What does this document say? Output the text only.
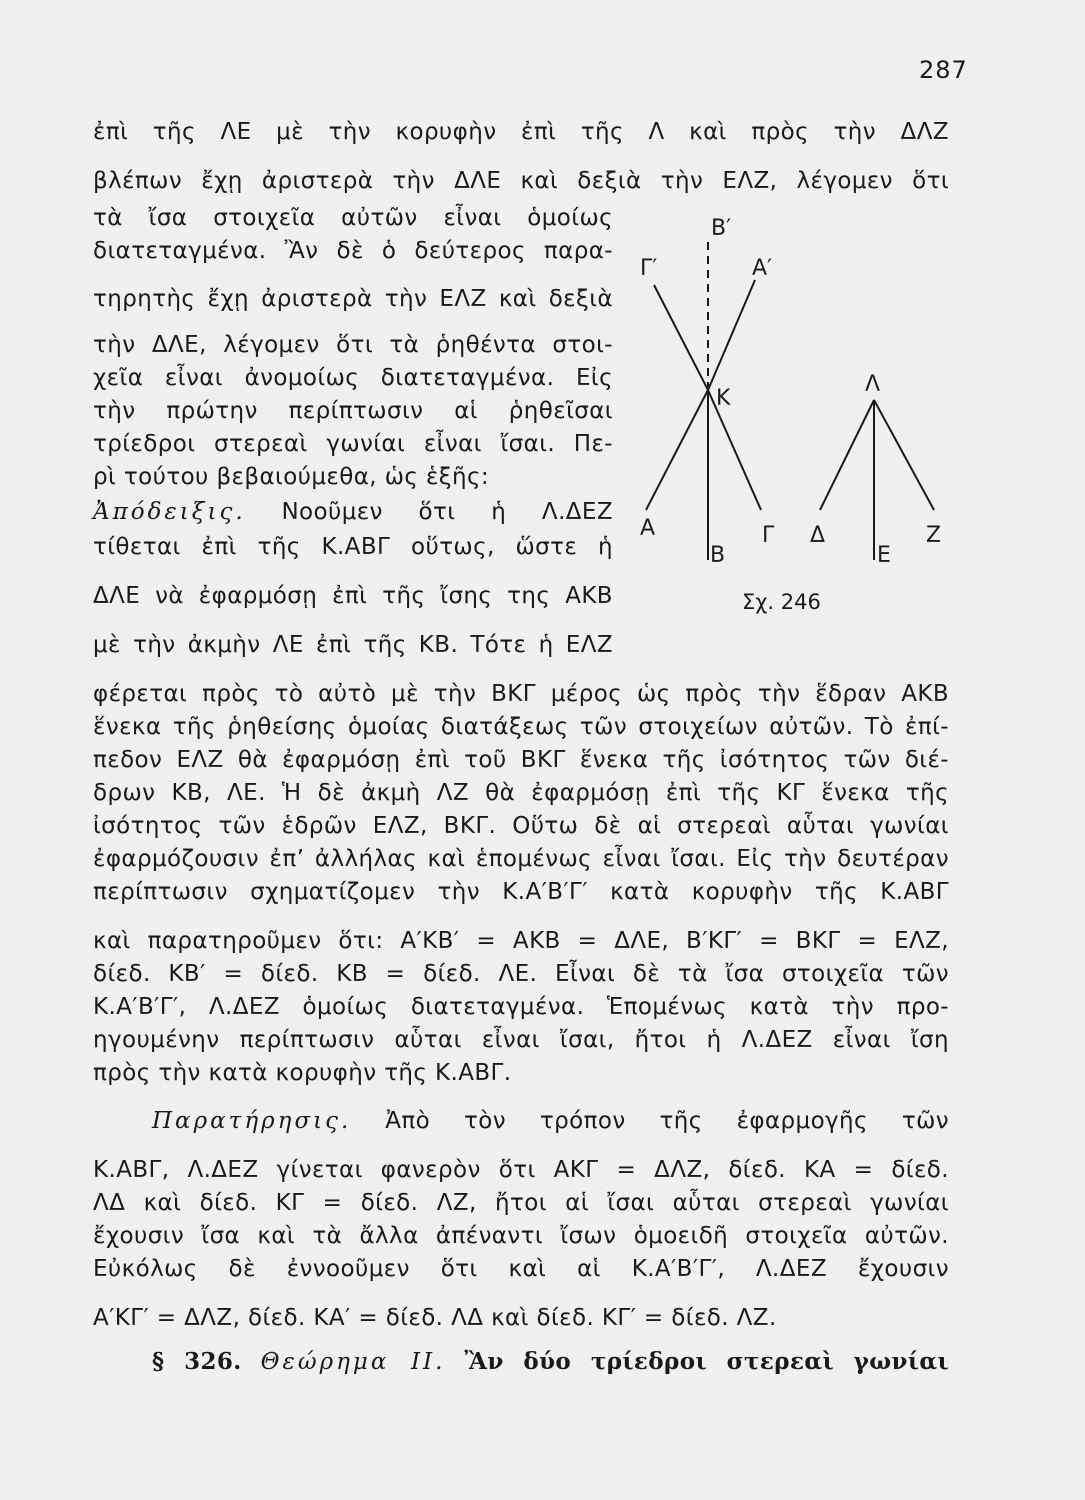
287
ἐπὶ τῆς ΛΕ μὲ τὴν κορυφὴν ἐπὶ τῆς Λ καὶ πρὸς τὴν ΔΛΖ
βλέπων ἔχῃ ἀριστερὰ τὴν ΔΛΕ καὶ δεξιὰ τὴν ΕΛΖ, λέγομεν ὅτι
τὰ ἴσα στοιχεῖα αὐτῶν εἶναι ὁμοίως
διατεταγμένα. Ἂν δὲ ὁ δεύτερος παρα-
τηρητὴς ἔχῃ ἀριστερὰ τὴν ΕΛΖ καὶ δεξιὰ
τὴν ΔΛΕ, λέγομεν ὅτι τὰ ῥηθέντα στοι-
χεῖα εἶναι ἀνομοίως διατεταγμένα. Εἰς
τὴν πρώτην περίπτωσιν αἱ ῥηθεῖσαι
τρίεδροι στερεαὶ γωνίαι εἶναι ἴσαι. Πε-
ρὶ τούτου βεβαιούμεθα, ὡς ἑξῆς:
Ἀπόδειξις. Νοοῦμεν ὅτι ἡ Λ.ΔΕΖ
τίθεται ἐπὶ τῆς Κ.ΑΒΓ οὕτως, ὥστε ἡ
ΔΛΕ νὰ ἐφαρμόσῃ ἐπὶ τῆς ἴσης της ΑΚΒ
μὲ τὴν ἀκμὴν ΛΕ ἐπὶ τῆς ΚΒ. Τότε ἡ ΕΛΖ
φέρεται πρὸς τὸ αὐτὸ μὲ τὴν ΒΚΓ μέρος ὡς πρὸς τὴν ἕδραν ΑΚΒ
ἕνεκα τῆς ῥηθείσης ὁμοίας διατάξεως τῶν στοιχείων αὐτῶν. Τὸ ἐπί-
πεδον ΕΛΖ θὰ ἐφαρμόσῃ ἐπὶ τοῦ ΒΚΓ ἕνεκα τῆς ἰσότητος τῶν διέ-
δρων ΚΒ, ΛΕ. Ἡ δὲ ἀκμὴ ΛΖ θὰ ἐφαρμόσῃ ἐπὶ τῆς ΚΓ ἕνεκα τῆς
ἰσότητος τῶν ἑδρῶν ΕΛΖ, ΒΚΓ. Οὕτω δὲ αἱ στερεαὶ αὗται γωνίαι
ἐφαρμόζουσιν ἐπ’ ἀλλήλας καὶ ἑπομένως εἶναι ἴσαι. Εἰς τὴν δευτέραν
περίπτωσιν σχηματίζομεν τὴν Κ.Α′Β′Γ′ κατὰ κορυφὴν τῆς Κ.ΑΒΓ
καὶ παρατηροῦμεν ὅτι: Α′ΚΒ′ = ΑΚΒ = ΔΛΕ, Β′ΚΓ′ = ΒΚΓ = ΕΛΖ,
δίεδ. ΚΒ′ = δίεδ. ΚΒ = δίεδ. ΛΕ. Εἶναι δὲ τὰ ἴσα στοιχεῖα τῶν
Κ.Α′Β′Γ′, Λ.ΔΕΖ ὁμοίως διατεταγμένα. Ἑπομένως κατὰ τὴν προ-
ηγουμένην περίπτωσιν αὗται εἶναι ἴσαι, ἤτοι ἡ Λ.ΔΕΖ εἶναι ἴση
πρὸς τὴν κατὰ κορυφὴν τῆς Κ.ΑΒΓ.
Παρατήρησις. Ἀπὸ τὸν τρόπον τῆς ἐφαρμογῆς τῶν
Κ.ΑΒΓ, Λ.ΔΕΖ γίνεται φανερὸν ὅτι ΑΚΓ = ΔΛΖ, δίεδ. ΚΑ = δίεδ.
ΛΔ καὶ δίεδ. ΚΓ = δίεδ. ΛΖ, ἤτοι αἱ ἴσαι αὗται στερεαὶ γωνίαι
ἔχουσιν ἴσα καὶ τὰ ἄλλα ἀπέναντι ἴσων ὁμοειδῆ στοιχεῖα αὐτῶν.
Εὐκόλως δὲ ἐννοοῦμεν ὅτι καὶ αἱ Κ.Α′Β′Γ′, Λ.ΔΕΖ ἔχουσιν
Α′ΚΓ′ = ΔΛΖ, δίεδ. ΚΑ′ = δίεδ. ΛΔ καὶ δίεδ. ΚΓ′ = δίεδ. ΛΖ.
§ 326. Θεώρημα ΙΙ. Ἂν δύο τρίεδροι στερεαὶ γωνίαι
Β′
Γ′	Α′
Κ
Λ
Α	Γ Δ	Ζ
Β	Ε
Σχ. 246
